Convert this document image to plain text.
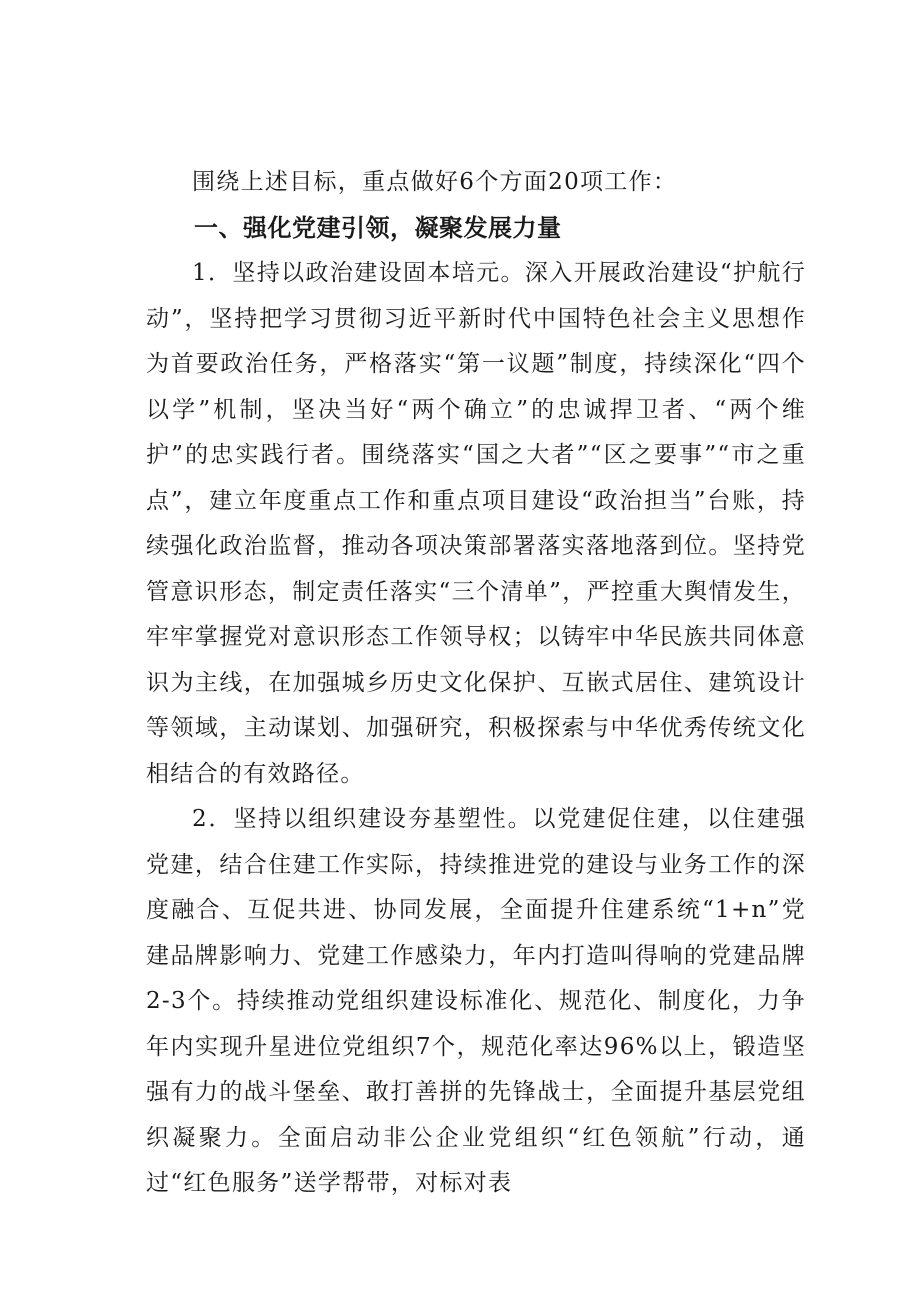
围绕上述目标，重点做好6个方面20项工作：

一、强化党建引领，凝聚发展力量

1．坚持以政治建设固本培元。深入开展政治建设“护航行动”，坚持把学习贯彻习近平新时代中国特色社会主义思想作为首要政治任务，严格落实“第一议题”制度，持续深化“四个以学”机制，坚决当好“两个确立”的忠诚捍卫者、“两个维护”的忠实践行者。围绕落实“国之大者”“区之要事”“市之重点”，建立年度重点工作和重点项目建设“政治担当”台账，持续强化政治监督，推动各项决策部署落实落地落到位。坚持党管意识形态，制定责任落实“三个清单”，严控重大舆情发生，牢牢掌握党对意识形态工作领导权；以铸牢中华民族共同体意识为主线，在加强城乡历史文化保护、互嵌式居住、建筑设计等领域，主动谋划、加强研究，积极探索与中华优秀传统文化相结合的有效路径。

2．坚持以组织建设夯基塑性。以党建促住建，以住建强党建，结合住建工作实际，持续推进党的建设与业务工作的深度融合、互促共进、协同发展，全面提升住建系统“1+n”党建品牌影响力、党建工作感染力，年内打造叫得响的党建品牌2-3个。持续推动党组织建设标准化、规范化、制度化，力争年内实现升星进位党组织7个，规范化率达96%以上，锻造坚强有力的战斗堡垒、敢打善拼的先锋战士，全面提升基层党组织凝聚力。全面启动非公企业党组织“红色领航”行动，通过“红色服务”送学帮带，对标对表
